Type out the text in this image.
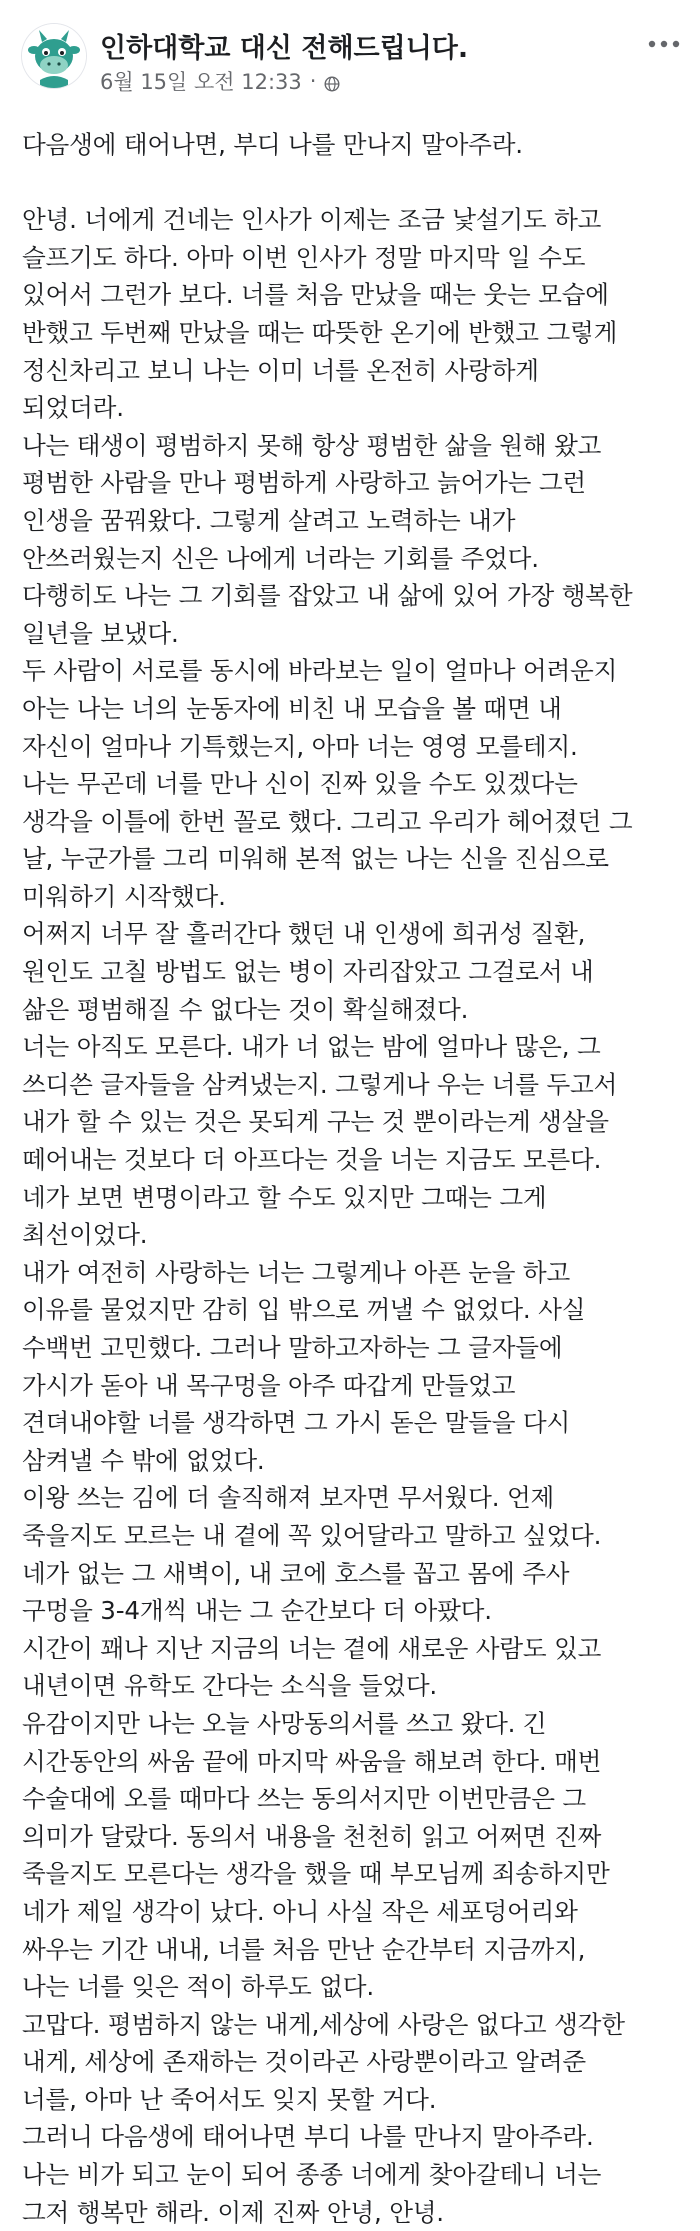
인하대학교 대신 전해드립니다.
6월 15일 오전 12:33 ·
다음생에 태어나면, 부디 나를 만나지 말아주라.
안녕. 너에게 건네는 인사가 이제는 조금 낯설기도 하고
슬프기도 하다. 아마 이번 인사가 정말 마지막 일 수도
있어서 그런가 보다. 너를 처음 만났을 때는 웃는 모습에
반했고 두번째 만났을 때는 따뜻한 온기에 반했고 그렇게
정신차리고 보니 나는 이미 너를 온전히 사랑하게
되었더라.
나는 태생이 평범하지 못해 항상 평범한 삶을 원해 왔고
평범한 사람을 만나 평범하게 사랑하고 늙어가는 그런
인생을 꿈꿔왔다. 그렇게 살려고 노력하는 내가
안쓰러웠는지 신은 나에게 너라는 기회를 주었다.
다행히도 나는 그 기회를 잡았고 내 삶에 있어 가장 행복한
일년을 보냈다.
두 사람이 서로를 동시에 바라보는 일이 얼마나 어려운지
아는 나는 너의 눈동자에 비친 내 모습을 볼 때면 내
자신이 얼마나 기특했는지, 아마 너는 영영 모를테지.
나는 무곤데 너를 만나 신이 진짜 있을 수도 있겠다는
생각을 이틀에 한번 꼴로 했다. 그리고 우리가 헤어졌던 그
날, 누군가를 그리 미워해 본적 없는 나는 신을 진심으로
미워하기 시작했다.
어쩌지 너무 잘 흘러간다 했던 내 인생에 희귀성 질환,
원인도 고칠 방법도 없는 병이 자리잡았고 그걸로서 내
삶은 평범해질 수 없다는 것이 확실해졌다.
너는 아직도 모른다. 내가 너 없는 밤에 얼마나 많은, 그
쓰디쓴 글자들을 삼켜냈는지. 그렇게나 우는 너를 두고서
내가 할 수 있는 것은 못되게 구는 것 뿐이라는게 생살을
떼어내는 것보다 더 아프다는 것을 너는 지금도 모른다.
네가 보면 변명이라고 할 수도 있지만 그때는 그게
최선이었다.
내가 여전히 사랑하는 너는 그렇게나 아픈 눈을 하고
이유를 물었지만 감히 입 밖으로 꺼낼 수 없었다. 사실
수백번 고민했다. 그러나 말하고자하는 그 글자들에
가시가 돋아 내 목구멍을 아주 따갑게 만들었고
견뎌내야할 너를 생각하면 그 가시 돋은 말들을 다시
삼켜낼 수 밖에 없었다.
이왕 쓰는 김에 더 솔직해져 보자면 무서웠다. 언제
죽을지도 모르는 내 곁에 꼭 있어달라고 말하고 싶었다.
네가 없는 그 새벽이, 내 코에 호스를 꼽고 몸에 주사
구멍을 3-4개씩 내는 그 순간보다 더 아팠다.
시간이 꽤나 지난 지금의 너는 곁에 새로운 사람도 있고
내년이면 유학도 간다는 소식을 들었다.
유감이지만 나는 오늘 사망동의서를 쓰고 왔다. 긴
시간동안의 싸움 끝에 마지막 싸움을 해보려 한다. 매번
수술대에 오를 때마다 쓰는 동의서지만 이번만큼은 그
의미가 달랐다. 동의서 내용을 천천히 읽고 어쩌면 진짜
죽을지도 모른다는 생각을 했을 때 부모님께 죄송하지만
네가 제일 생각이 났다. 아니 사실 작은 세포덩어리와
싸우는 기간 내내, 너를 처음 만난 순간부터 지금까지,
나는 너를 잊은 적이 하루도 없다.
고맙다. 평범하지 않는 내게,세상에 사랑은 없다고 생각한
내게, 세상에 존재하는 것이라곤 사랑뿐이라고 알려준
너를, 아마 난 죽어서도 잊지 못할 거다.
그러니 다음생에 태어나면 부디 나를 만나지 말아주라.
나는 비가 되고 눈이 되어 종종 너에게 찾아갈테니 너는
그저 행복만 해라. 이제 진짜 안녕, 안녕.
